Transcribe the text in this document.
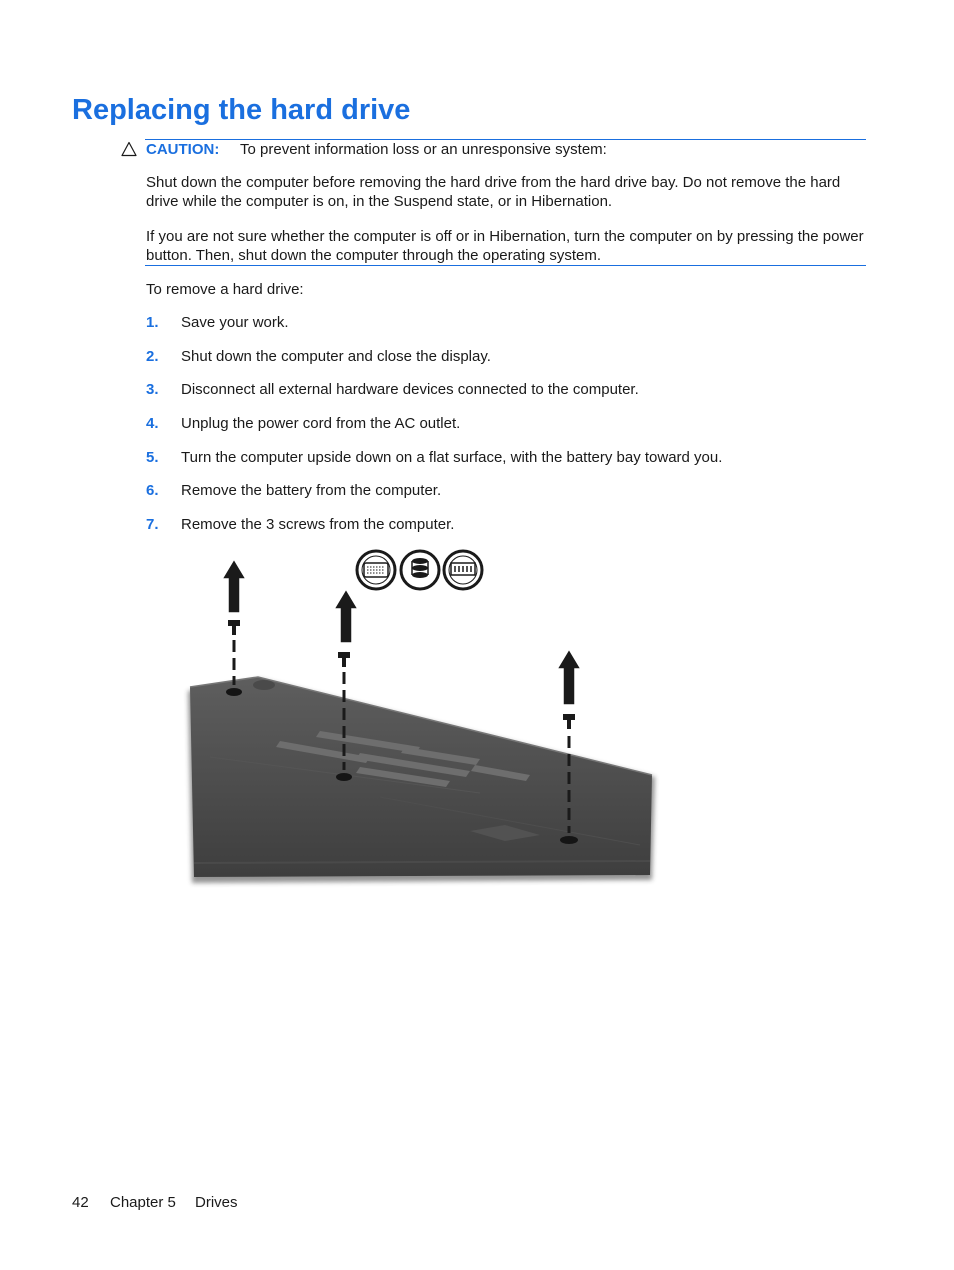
Replacing the hard drive
CAUTION: To prevent information loss or an unresponsive system:

Shut down the computer before removing the hard drive from the hard drive bay. Do not remove the hard drive while the computer is on, in the Suspend state, or in Hibernation.

If you are not sure whether the computer is off or in Hibernation, turn the computer on by pressing the power button. Then, shut down the computer through the operating system.

To remove a hard drive:

1. Save your work.
2. Shut down the computer and close the display.
3. Disconnect all external hardware devices connected to the computer.
4. Unplug the power cord from the AC outlet.
5. Turn the computer upside down on a flat surface, with the battery bay toward you.
6. Remove the battery from the computer.
7. Remove the 3 screws from the computer.
42 Chapter 5 Drives
